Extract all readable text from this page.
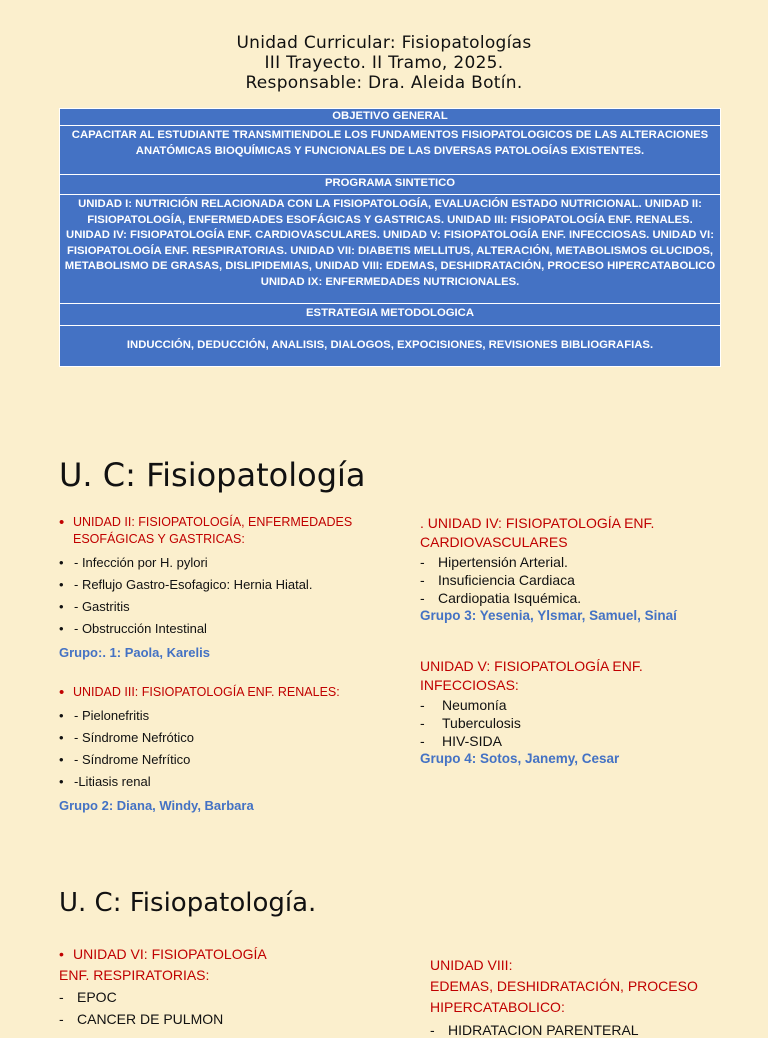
Unidad Curricular: Fisiopatologías
III Trayecto. II Tramo, 2025.
Responsable: Dra. Aleida Botín.
OBJETIVO GENERAL
CAPACITAR AL ESTUDIANTE TRANSMITIENDOLE LOS FUNDAMENTOS FISIOPATOLOGICOS DE LAS ALTERACIONES ANATÓMICAS BIOQUÍMICAS Y FUNCIONALES DE LAS DIVERSAS PATOLOGÍAS EXISTENTES.
PROGRAMA SINTETICO
UNIDAD I: NUTRICIÓN RELACIONADA CON LA FISIOPATOLOGÍA, EVALUACIÓN ESTADO NUTRICIONAL. UNIDAD II: FISIOPATOLOGÍA, ENFERMEDADES ESOFÁGICAS Y GASTRICAS. UNIDAD III: FISIOPATOLOGÍA ENF. RENALES. UNIDAD IV: FISIOPATOLOGÍA ENF. CARDIOVASCULARES. UNIDAD V: FISIOPATOLOGÍA ENF. INFECCIOSAS. UNIDAD VI: FISIOPATOLOGÍA ENF. RESPIRATORIAS. UNIDAD VII: DIABETIS MELLITUS, ALTERACIÓN, METABOLISMOS GLUCIDOS, METABOLISMO DE GRASAS, DISLIPIDEMIAS, UNIDAD VIII: EDEMAS, DESHIDRATACIÓN, PROCESO HIPERCATABOLICO UNIDAD IX: ENFERMEDADES NUTRICIONALES.
ESTRATEGIA METODOLOGICA
INDUCCIÓN, DEDUCCIÓN, ANALISIS, DIALOGOS, EXPOCISIONES, REVISIONES BIBLIOGRAFIAS.
U. C: Fisiopatología
• UNIDAD II: FISIOPATOLOGÍA, ENFERMEDADES ESOFÁGICAS Y GASTRICAS:
• - Infección por H. pylori
• - Reflujo Gastro-Esofagico: Hernia Hiatal.
• - Gastritis
• - Obstrucción Intestinal
Grupo:. 1: Paola, Karelis
• UNIDAD III: FISIOPATOLOGÍA ENF. RENALES:
• - Pielonefritis
• - Síndrome Nefrótico
• - Síndrome Nefrítico
• -Litiasis renal
Grupo 2: Diana, Windy, Barbara
. UNIDAD IV: FISIOPATOLOGÍA ENF.
CARDIOVASCULARES
- Hipertensión Arterial.
- Insuficiencia Cardiaca
- Cardiopatia Isquémica.
Grupo 3: Yesenia, Ylsmar, Samuel, Sinaí
UNIDAD V: FISIOPATOLOGÍA ENF.
INFECCIOSAS:
- Neumonía
- Tuberculosis
- HIV-SIDA
Grupo 4: Sotos, Janemy, Cesar
U. C: Fisiopatología.
• UNIDAD VI: FISIOPATOLOGÍA
ENF. RESPIRATORIAS:
- EPOC
- CANCER DE PULMON
UNIDAD VIII:
EDEMAS, DESHIDRATACIÓN, PROCESO
HIPERCATABOLICO:
- HIDRATACION PARENTERAL
